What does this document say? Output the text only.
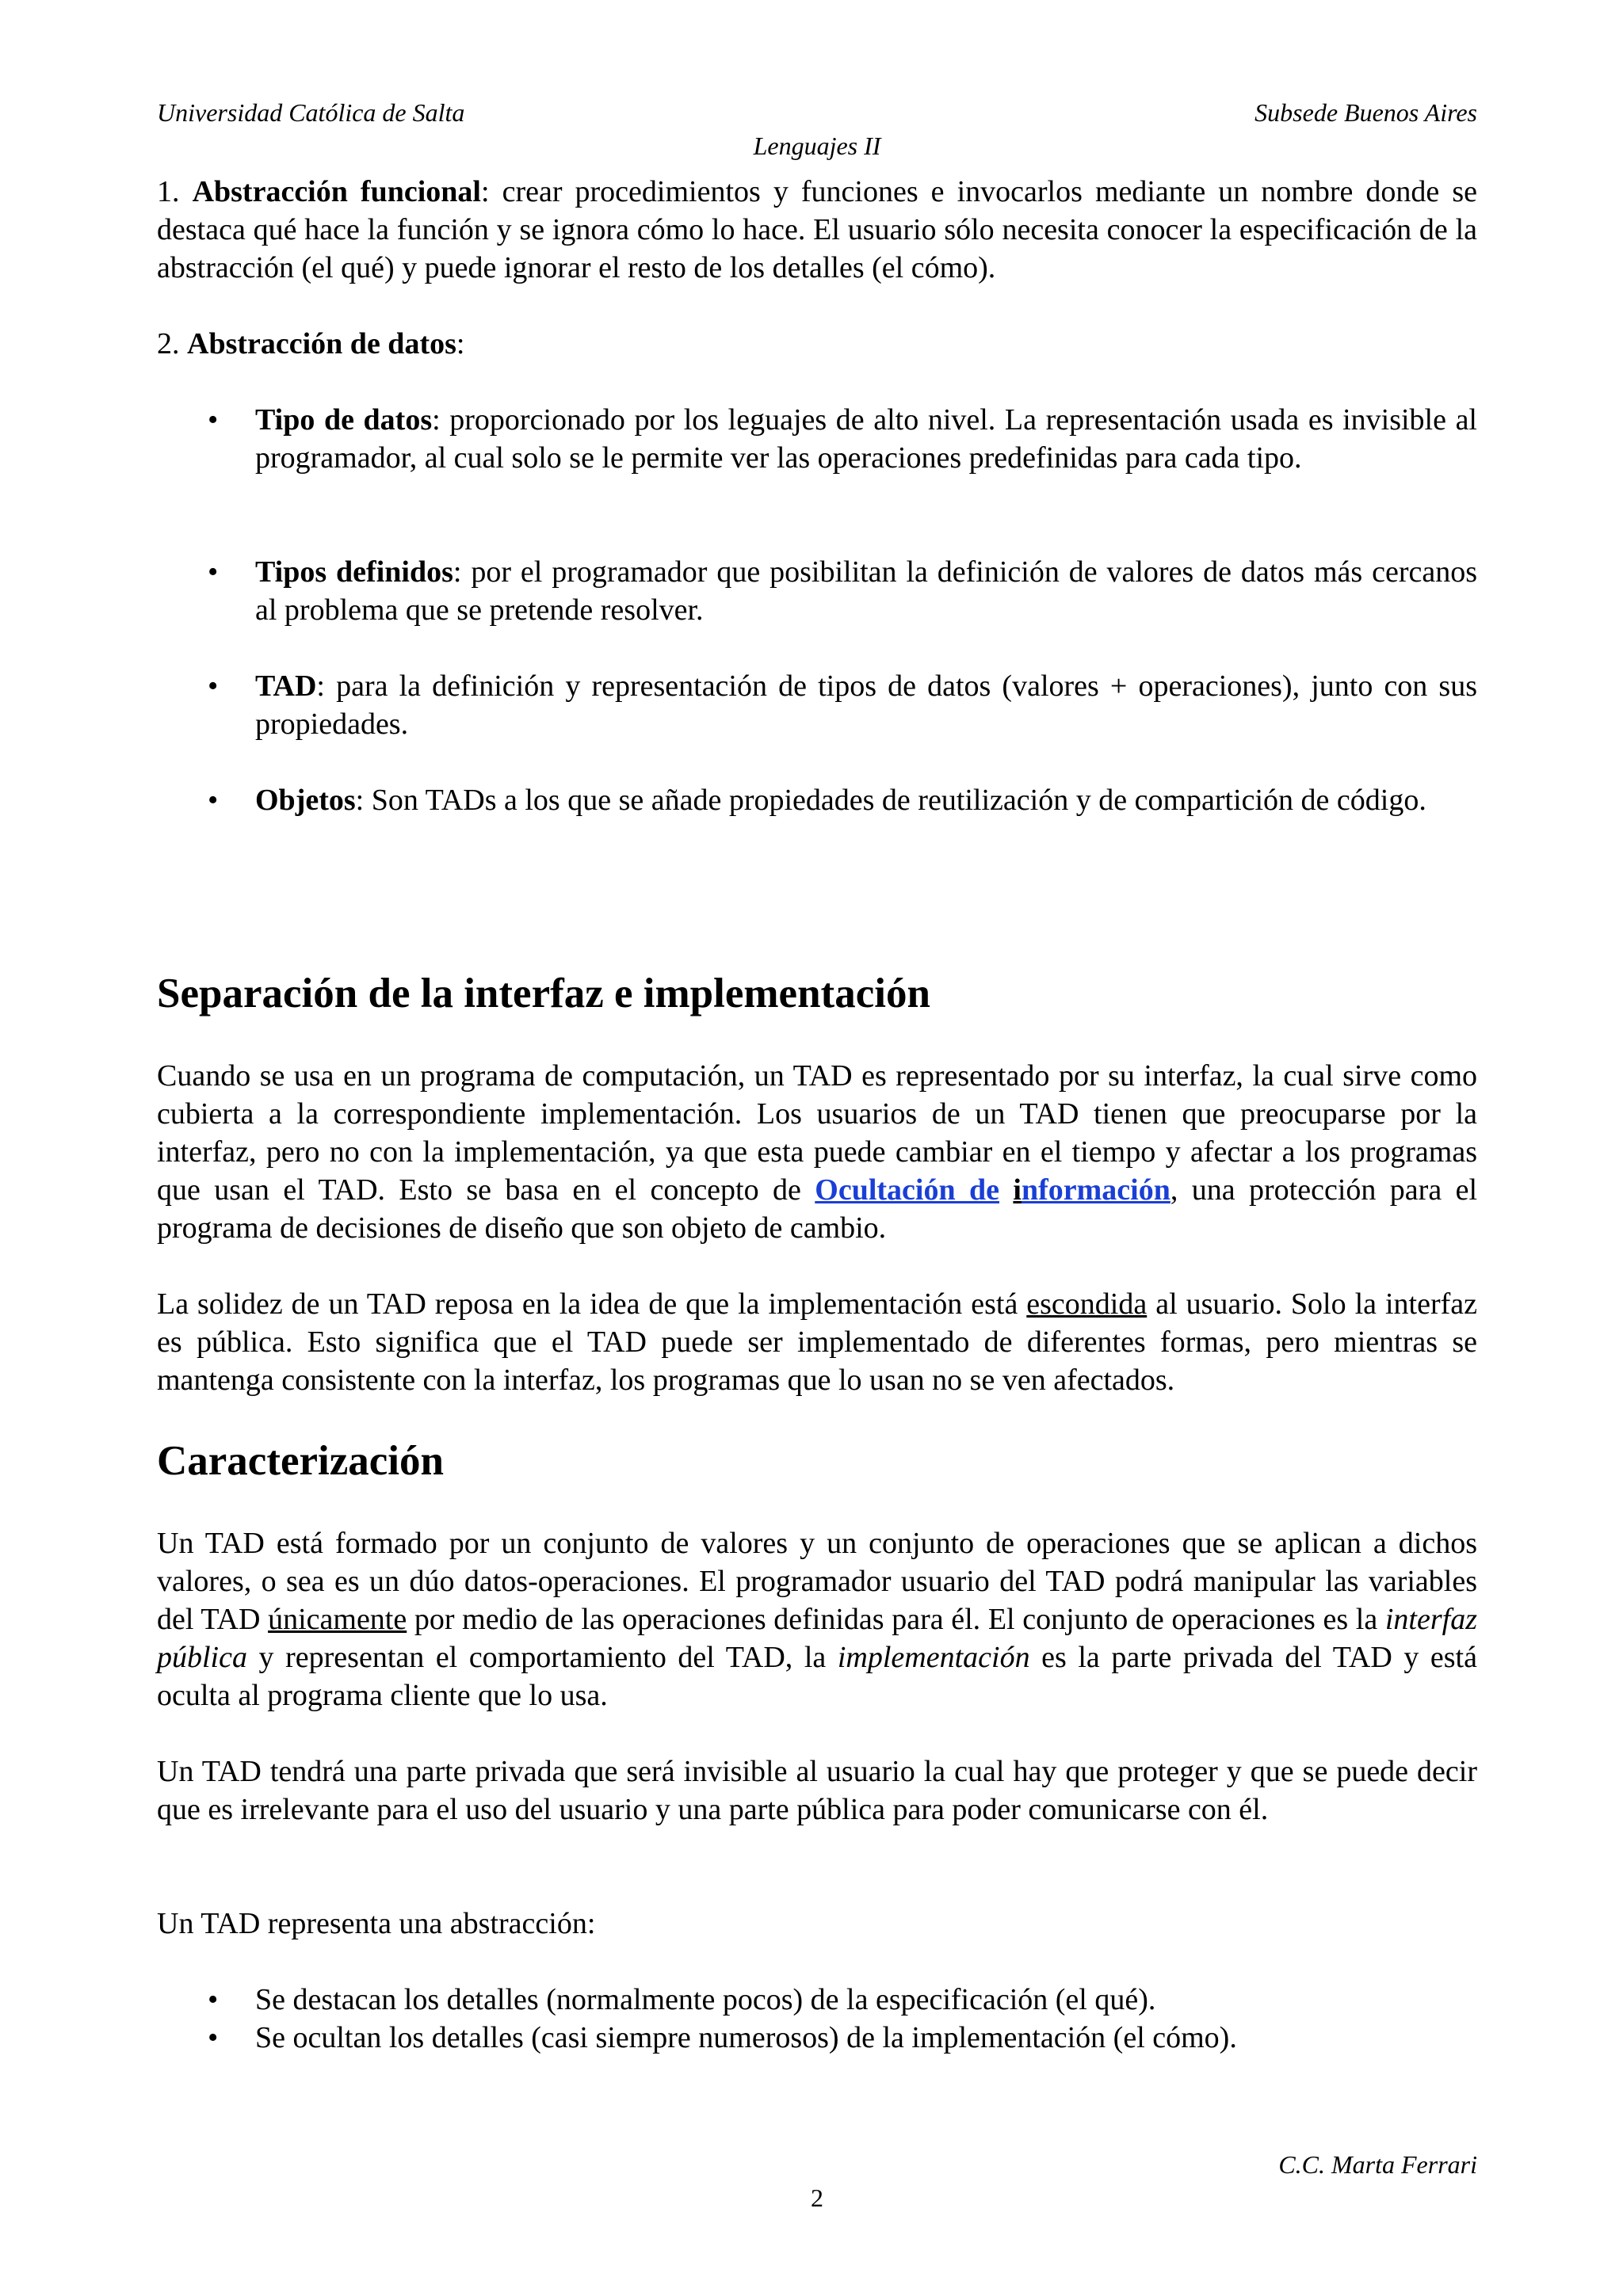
Universidad Católica de Salta	Subsede Buenos Aires
Lenguajes II

1. Abstracción funcional: crear procedimientos y funciones e invocarlos mediante un nombre donde se destaca qué hace la función y se ignora cómo lo hace. El usuario sólo necesita conocer la especificación de la abstracción (el qué) y puede ignorar el resto de los detalles (el cómo).

2. Abstracción de datos:

• Tipo de datos: proporcionado por los leguajes de alto nivel. La representación usada es invisible al programador, al cual solo se le permite ver las operaciones predefinidas para cada tipo.
• Tipos definidos: por el programador que posibilitan la definición de valores de datos más cercanos al problema que se pretende resolver.
• TAD: para la definición y representación de tipos de datos (valores + operaciones), junto con sus propiedades.
• Objetos: Son TADs a los que se añade propiedades de reutilización y de compartición de código.
Separación de la interfaz e implementación

Cuando se usa en un programa de computación, un TAD es representado por su interfaz, la cual sirve como cubierta a la correspondiente implementación. Los usuarios de un TAD tienen que preocuparse por la interfaz, pero no con la implementación, ya que esta puede cambiar en el tiempo y afectar a los programas que usan el TAD. Esto se basa en el concepto de Ocultación de información, una protección para el programa de decisiones de diseño que son objeto de cambio.

La solidez de un TAD reposa en la idea de que la implementación está escondida al usuario. Solo la interfaz es pública. Esto significa que el TAD puede ser implementado de diferentes formas, pero mientras se mantenga consistente con la interfaz, los programas que lo usan no se ven afectados.

Caracterización

Un TAD está formado por un conjunto de valores y un conjunto de operaciones que se aplican a dichos valores, o sea es un dúo datos-operaciones. El programador usuario del TAD podrá manipular las variables del TAD únicamente por medio de las operaciones definidas para él. El conjunto de operaciones es la interfaz pública y representan el comportamiento del TAD, la implementación es la parte privada del TAD y está oculta al programa cliente que lo usa.

Un TAD tendrá una parte privada que será invisible al usuario la cual hay que proteger y que se puede decir que es irrelevante para el uso del usuario y una parte pública para poder comunicarse con él.

Un TAD representa una abstracción:

• Se destacan los detalles (normalmente pocos) de la especificación (el qué).
• Se ocultan los detalles (casi siempre numerosos) de la implementación (el cómo).
C.C. Marta Ferrari
2
